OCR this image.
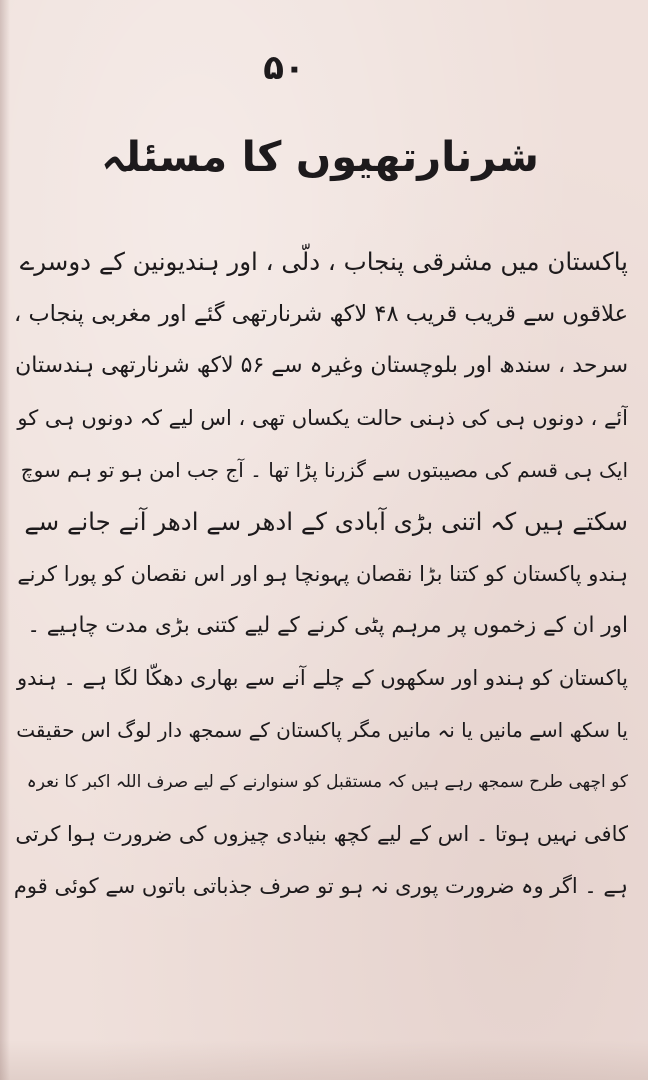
۵۰
شرنارتھیوں کا مسئلہ
پاکستان میں مشرقی پنجاب ، دلّی ، اور ہندیونین کے دوسرے
علاقوں سے قریب قریب ۴۸ لاکھ شرنارتھی گئے اور مغربی پنجاب ،
سرحد ، سندھ اور بلوچستان وغیرہ سے ۵۶ لاکھ شرنارتھی ہندستان
آئے ، دونوں ہی کی ذہنی حالت یکساں تھی ، اس لیے کہ دونوں ہی کو
ایک ہی قسم کی مصیبتوں سے گزرنا پڑا تھا ۔ آج جب امن ہو تو ہم سوچ
سکتے ہیں کہ اتنی بڑی آبادی کے ادھر سے ادھر آنے جانے سے
ہندو پاکستان کو کتنا بڑا نقصان پہونچا ہو اور اس نقصان کو پورا کرنے
اور ان کے زخموں پر مرہم پٹی کرنے کے لیے کتنی بڑی مدت چاہیے ۔
پاکستان کو ہندو اور سکھوں کے چلے آنے سے بھاری دھکّا لگا ہے ۔ ہندو
یا سکھ اسے مانیں یا نہ مانیں مگر پاکستان کے سمجھ دار لوگ اس حقیقت
کو اچھی طرح سمجھ رہے ہیں کہ مستقبل کو سنوارنے کے لیے صرف اللہ اکبر کا نعرہ
کافی نہیں ہوتا ۔ اس کے لیے کچھ بنیادی چیزوں کی ضرورت ہوا کرتی
ہے ۔ اگر وہ ضرورت پوری نہ ہو تو صرف جذباتی باتوں سے کوئی قوم
